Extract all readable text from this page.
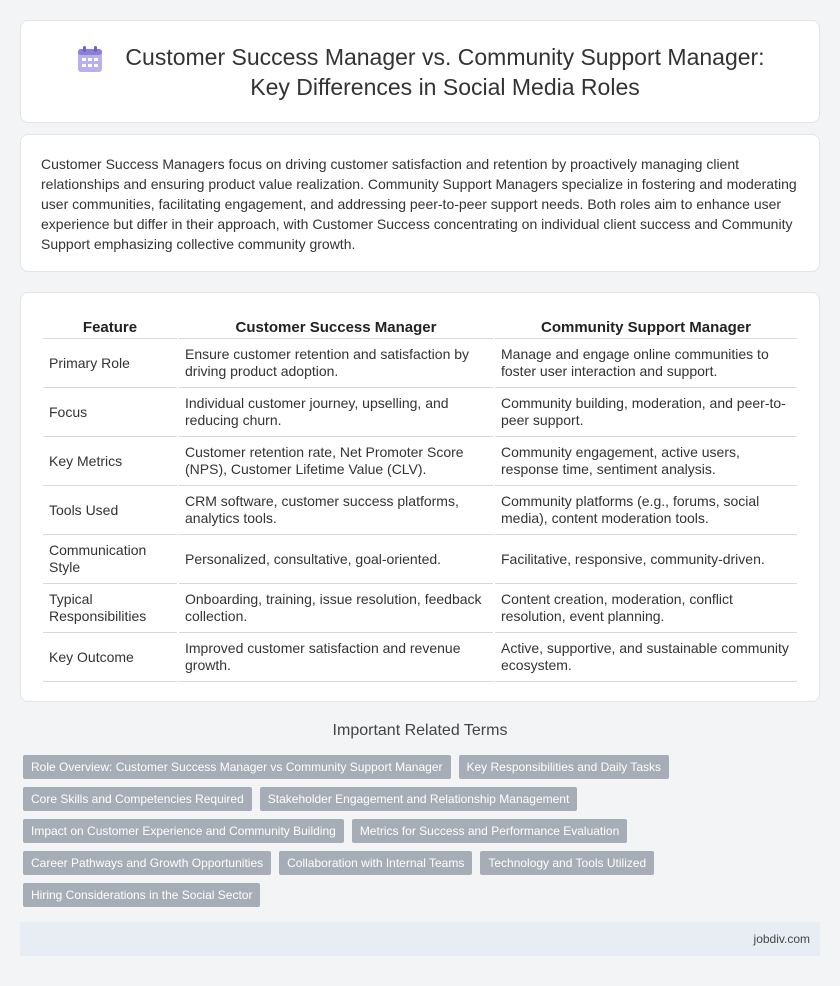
Customer Success Manager vs. Community Support Manager:
Key Differences in Social Media Roles

Customer Success Managers focus on driving customer satisfaction and retention by proactively managing client relationships and ensuring product value realization. Community Support Managers specialize in fostering and moderating user communities, facilitating engagement, and addressing peer-to-peer support needs. Both roles aim to enhance user experience but differ in their approach, with Customer Success concentrating on individual client success and Community Support emphasizing collective community growth.

Feature	Customer Success Manager	Community Support Manager
Primary Role	Ensure customer retention and satisfaction by driving product adoption.	Manage and engage online communities to foster user interaction and support.
Focus	Individual customer journey, upselling, and reducing churn.	Community building, moderation, and peer-to-peer support.
Key Metrics	Customer retention rate, Net Promoter Score (NPS), Customer Lifetime Value (CLV).	Community engagement, active users, response time, sentiment analysis.
Tools Used	CRM software, customer success platforms, analytics tools.	Community platforms (e.g., forums, social media), content moderation tools.
Communication Style	Personalized, consultative, goal-oriented.	Facilitative, responsive, community-driven.
Typical Responsibilities	Onboarding, training, issue resolution, feedback collection.	Content creation, moderation, conflict resolution, event planning.
Key Outcome	Improved customer satisfaction and revenue growth.	Active, supportive, and sustainable community ecosystem.
Important Related Terms
Role Overview: Customer Success Manager vs Community Support Manager	Key Responsibilities and Daily Tasks
Core Skills and Competencies Required	Stakeholder Engagement and Relationship Management
Impact on Customer Experience and Community Building	Metrics for Success and Performance Evaluation
Career Pathways and Growth Opportunities	Collaboration with Internal Teams	Technology and Tools Utilized
Hiring Considerations in the Social Sector
jobdiv.com
